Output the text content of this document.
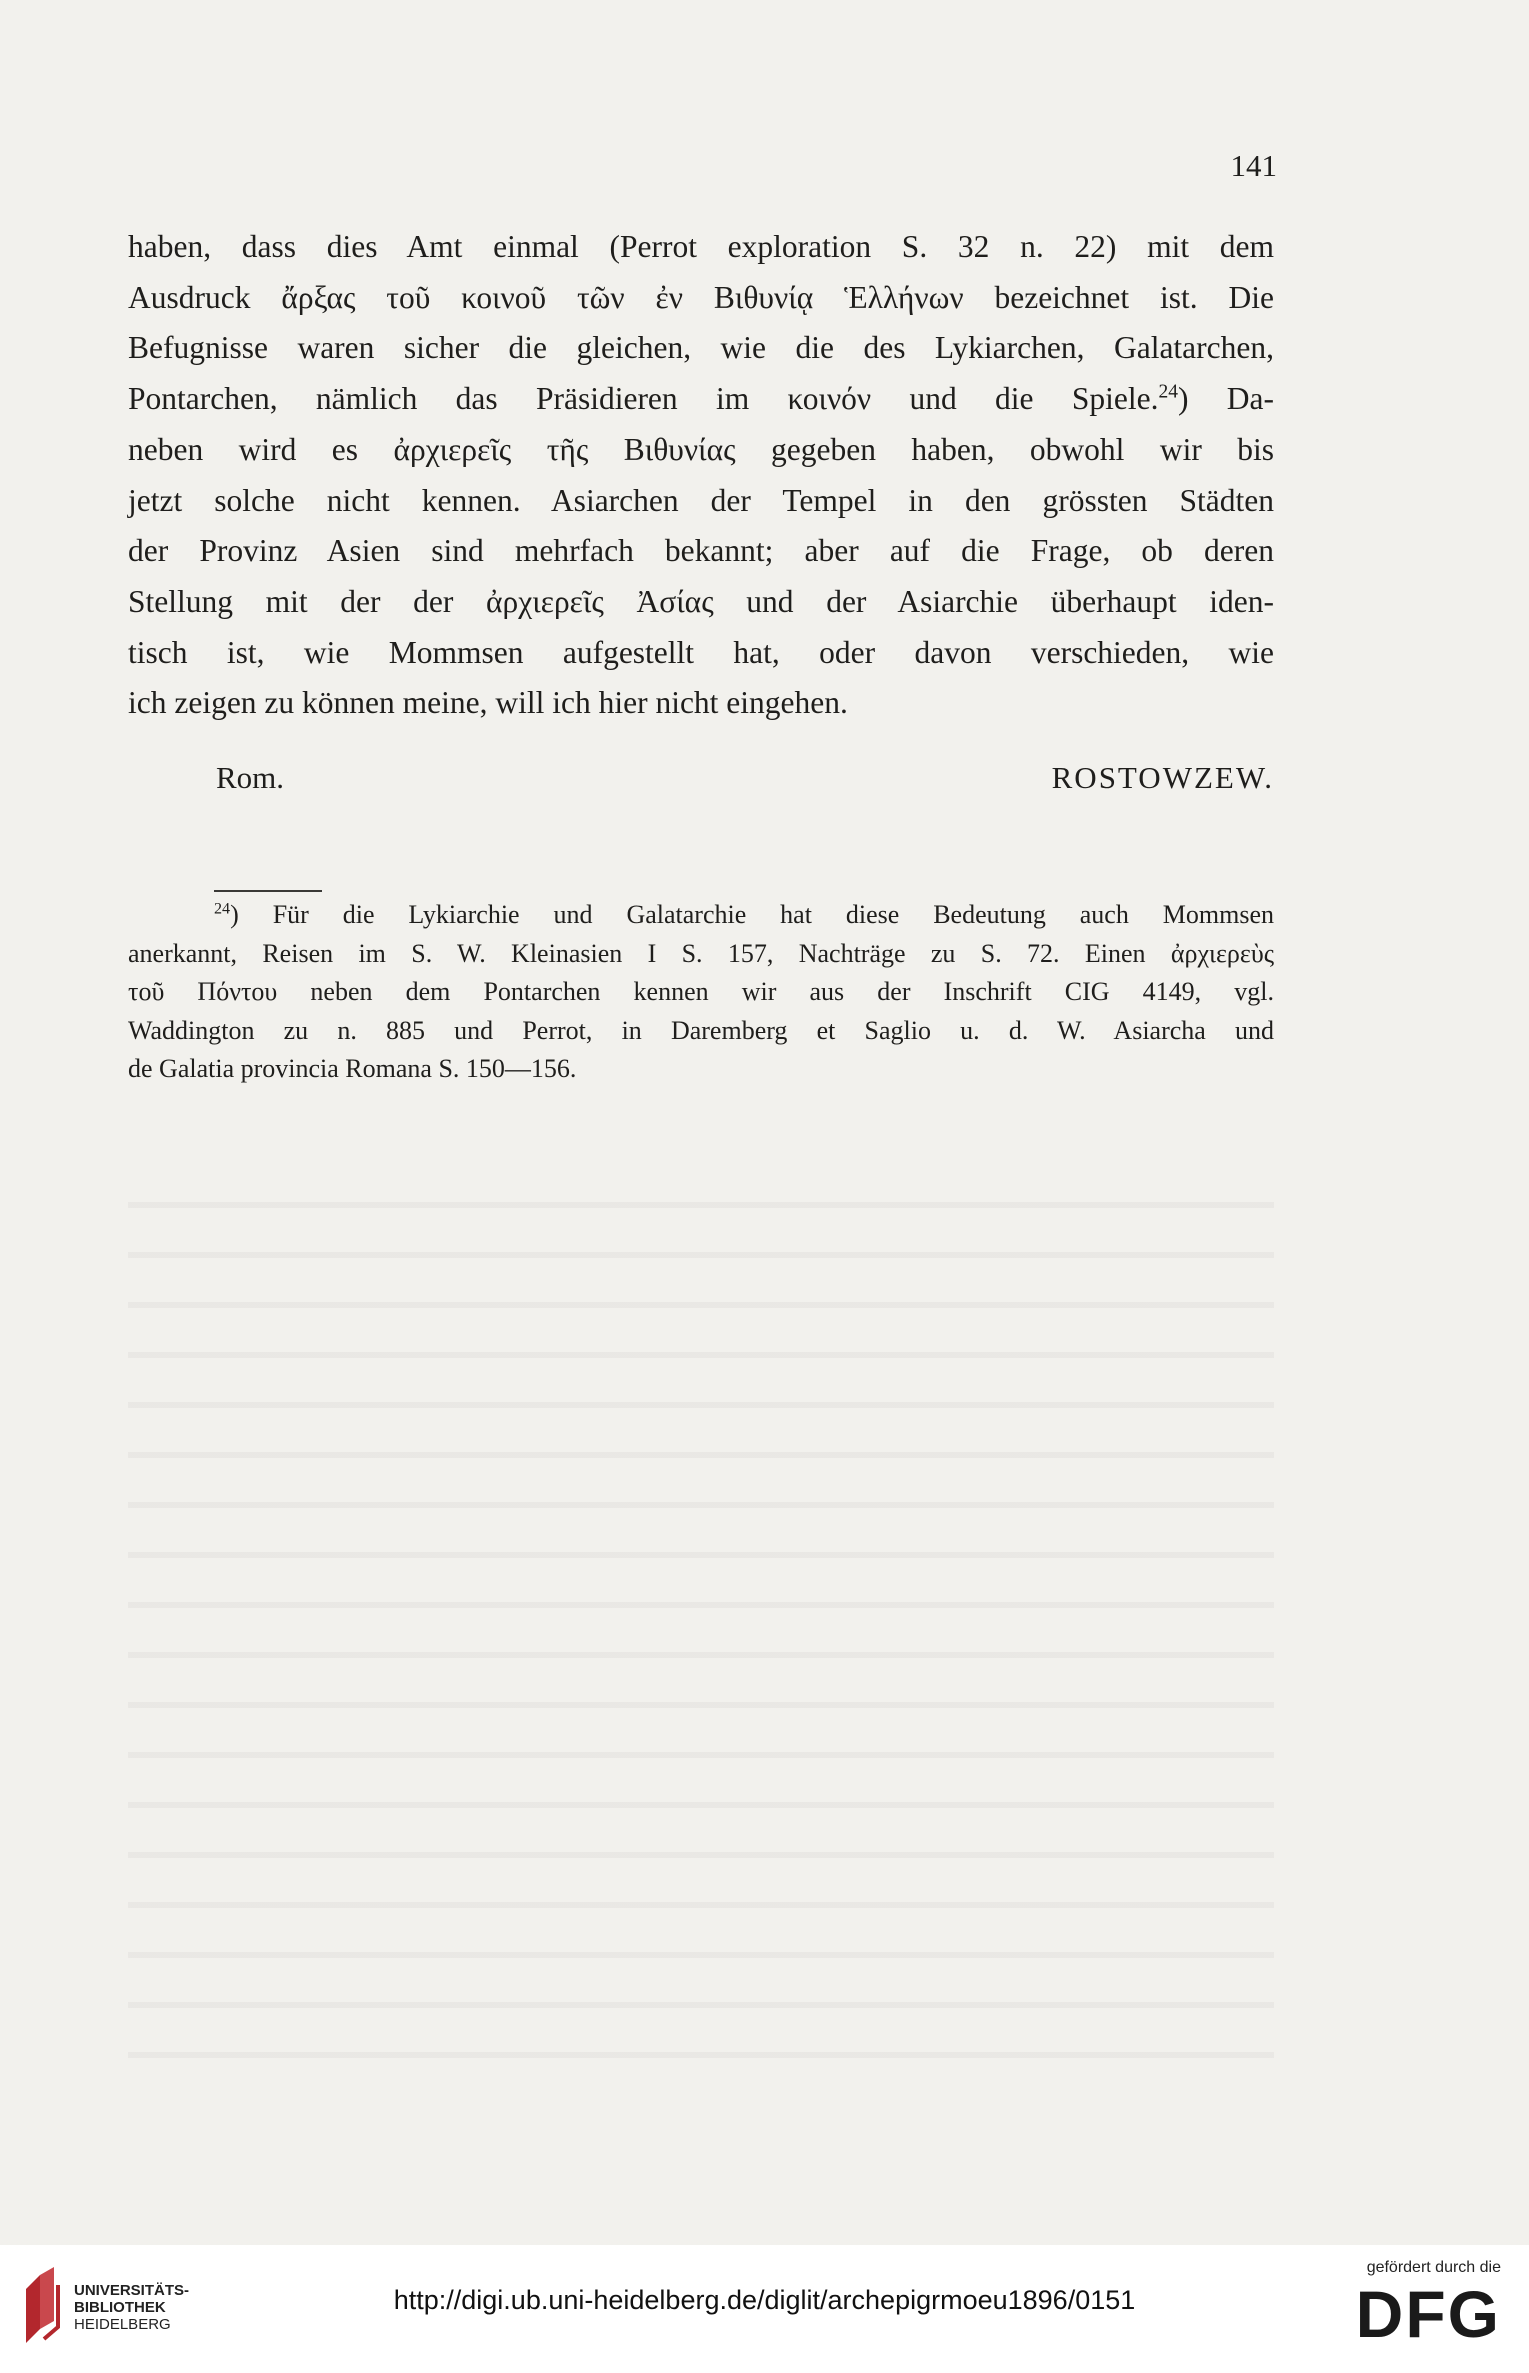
141
haben, dass dies Amt einmal (Perrot exploration S. 32 n. 22) mit dem
Ausdruck ἄρξας τοῦ κοινοῦ τῶν ἐν Βιθυνίᾳ Ἑλλήνων bezeichnet ist. Die
Befugnisse waren sicher die gleichen, wie die des Lykiarchen, Galatarchen,
Pontarchen, nämlich das Präsidieren im κοινόν und die Spiele.$^{24}$) Da-
neben wird es ἀρχιερεῖς τῆς Βιθυνίας gegeben haben, obwohl wir bis
jetzt solche nicht kennen. Asiarchen der Tempel in den grössten Städten
der Provinz Asien sind mehrfach bekannt; aber auf die Frage, ob deren
Stellung mit der der ἀρχιερεῖς Ἀσίας und der Asiarchie überhaupt iden-
tisch ist, wie Mommsen aufgestellt hat, oder davon verschieden, wie
ich zeigen zu können meine, will ich hier nicht eingehen.
Rom.	ROSTOWZEW.
$^{24}$) Für die Lykiarchie und Galatarchie hat diese Bedeutung auch Mommsen
anerkannt, Reisen im S. W. Kleinasien I S. 157, Nachträge zu S. 72. Einen ἀρχιερεὺς
τοῦ Πόντου neben dem Pontarchen kennen wir aus der Inschrift CIG 4149, vgl.
Waddington zu n. 885 und Perrot, in Daremberg et Saglio u. d. W. Asiarcha und
de Galatia provincia Romana S. 150—156.
UNIVERSITÄTS-
BIBLIOTHEK
HEIDELBERG
http://digi.ub.uni-heidelberg.de/diglit/archepigrmoeu1896/0151
gefördert durch die
DFG
